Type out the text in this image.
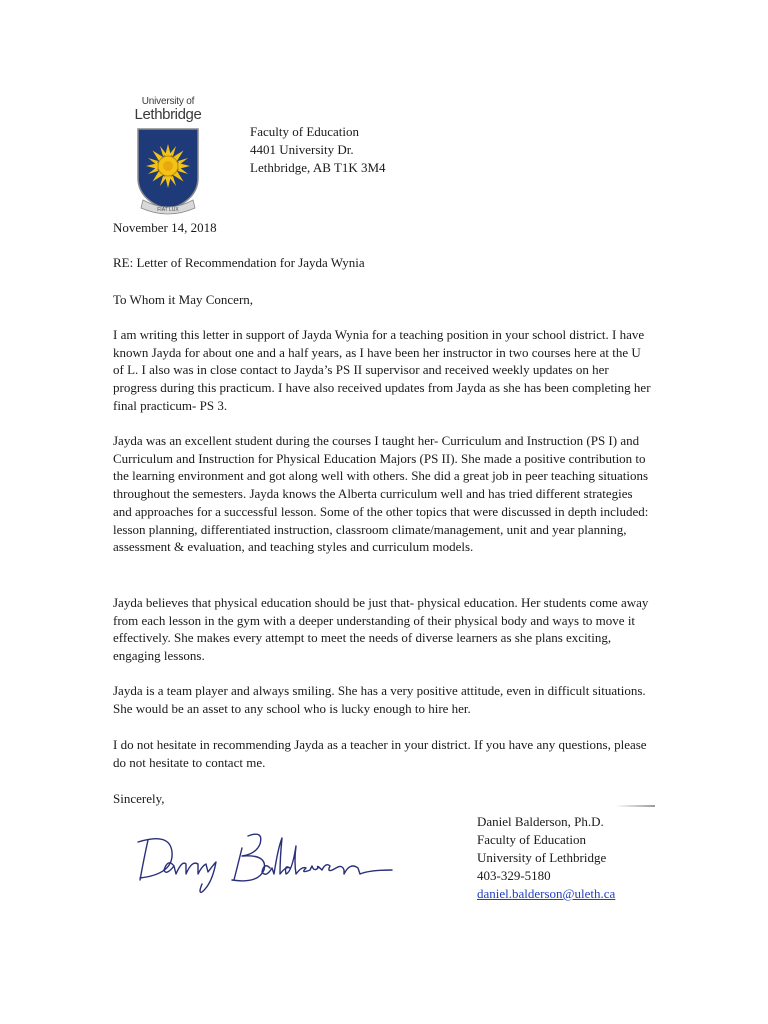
University of
Lethbridge
FIAT LUX
Faculty of Education
4401 University Dr.
Lethbridge, AB T1K 3M4
November 14, 2018
RE: Letter of Recommendation for Jayda Wynia
To Whom it May Concern,

I am writing this letter in support of Jayda Wynia for a teaching position in your school district. I have known Jayda for about one and a half years, as I have been her instructor in two courses here at the U of L. I also was in close contact to Jayda’s PS II supervisor and received weekly updates on her progress during this practicum. I have also received updates from Jayda as she has been completing her final practicum- PS 3.

Jayda was an excellent student during the courses I taught her- Curriculum and Instruction (PS I) and Curriculum and Instruction for Physical Education Majors (PS II). She made a positive contribution to the learning environment and got along well with others. She did a great job in peer teaching situations throughout the semesters. Jayda knows the Alberta curriculum well and has tried different strategies and approaches for a successful lesson. Some of the other topics that were discussed in depth included: lesson planning, differentiated instruction, classroom climate/management, unit and year planning, assessment & evaluation, and teaching styles and curriculum models.

Jayda believes that physical education should be just that- physical education. Her students come away from each lesson in the gym with a deeper understanding of their physical body and ways to move it effectively. She makes every attempt to meet the needs of diverse learners as she plans exciting, engaging lessons.

Jayda is a team player and always smiling. She has a very positive attitude, even in difficult situations. She would be an asset to any school who is lucky enough to hire her.

I do not hesitate in recommending Jayda as a teacher in your district. If you have any questions, please do not hesitate to contact me.

Sincerely,
Daniel Balderson, Ph.D.
Faculty of Education
University of Lethbridge
403-329-5180
daniel.balderson@uleth.ca
